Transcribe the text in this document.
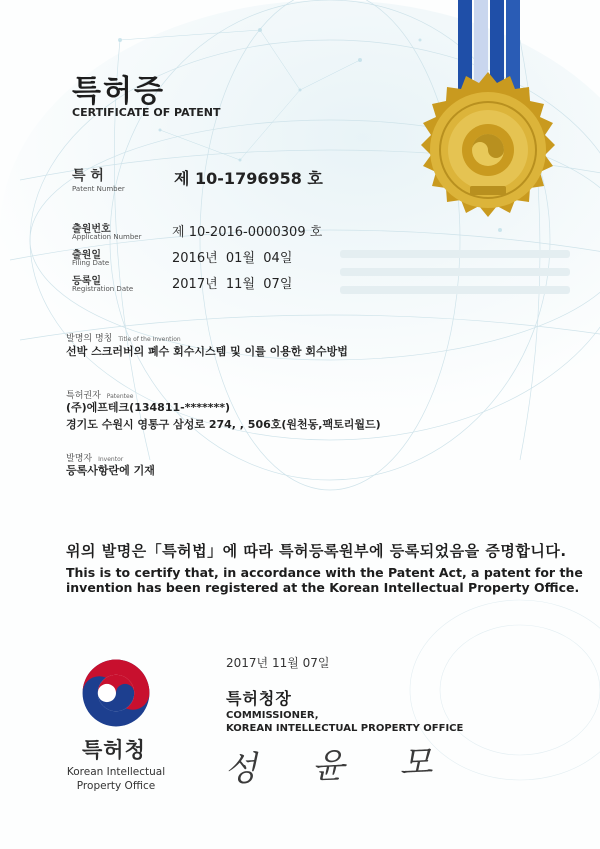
특허증
CERTIFICATE OF PATENT
특 허
Patent Number
제 10-1796958 호
출원번호
Application Number 제 10-2016-0000309 호
출원일
Filing Date	2016년  01월  04일
등록일
Registration Date	2017년  11월  07일
발명의 명칭 Title of the Invention
선박 스크러버의 폐수 회수시스템 및 이를 이용한 회수방법
특허권자 Patentee
(주)에프테크(134811-*******)
경기도 수원시 영통구 삼성로 274, , 506호(원천동,팩토리월드)
발명자 Inventor
등록사항란에 기재
위의 발명은「특허법」에 따라 특허등록원부에 등록되었음을 증명합니다.
This is to certify that, in accordance with the Patent Act, a patent for the invention has been registered at the Korean Intellectual Property Office.
특허청
Korean Intellectual
Property Office
2017년 11월 07일
특허청장
COMMISSIONER,
KOREAN INTELLECTUAL PROPERTY OFFICE
성 윤 모
